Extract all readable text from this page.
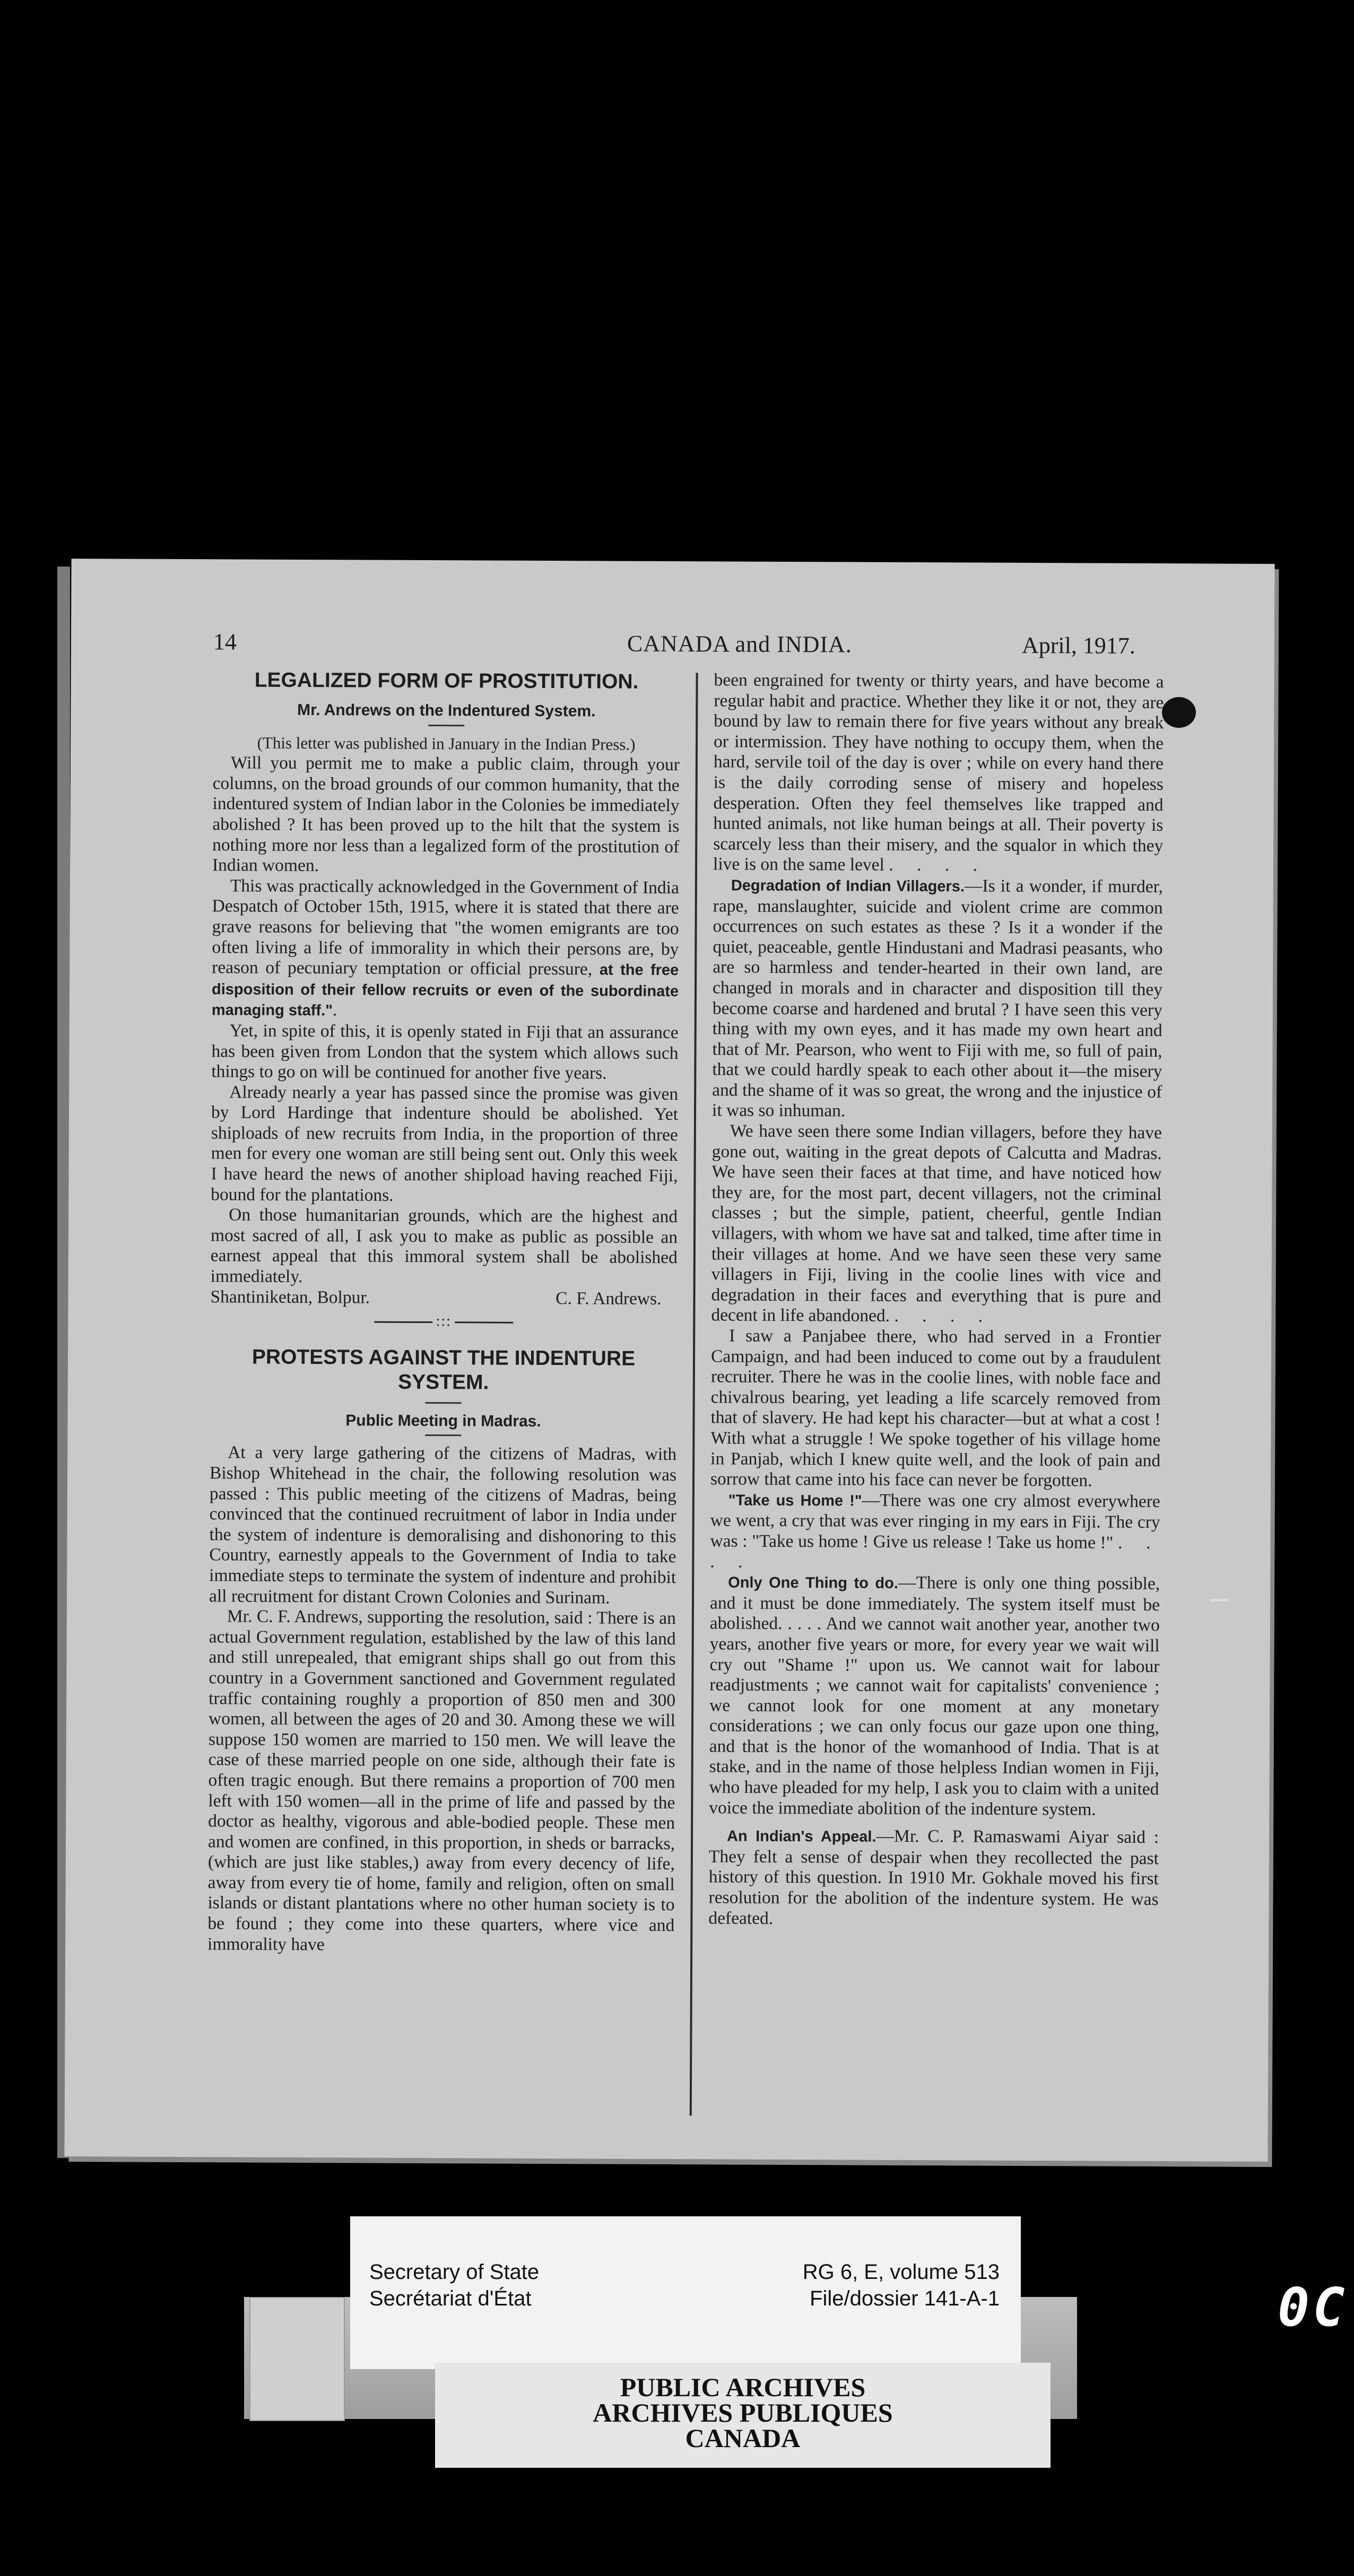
14	CANADA and INDIA.	April, 1917.
LEGALIZED FORM OF PROSTITUTION.
Mr. Andrews on the Indentured System.

(This letter was published in January in the Indian Press.)

Will you permit me to make a public claim, through your columns, on the broad grounds of our common humanity, that the indentured system of Indian labor in the Colonies be immediately abolished ? It has been proved up to the hilt that the system is nothing more nor less than a legalized form of the prostitution of Indian women.

This was practically acknowledged in the Government of India Despatch of October 15th, 1915, where it is stated that there are grave reasons for believing that "the women emigrants are too often living a life of immorality in which their persons are, by reason of pecuniary temptation or official pressure, at the free disposition of their fellow recruits or even of the subordinate managing staff.".

Yet, in spite of this, it is openly stated in Fiji that an assurance has been given from London that the system which allows such things to go on will be continued for another five years.

Already nearly a year has passed since the promise was given by Lord Hardinge that indenture should be abolished. Yet shiploads of new recruits from India, in the proportion of three men for every one woman are still being sent out. Only this week I have heard the news of another shipload having reached Fiji, bound for the plantations.

On those humanitarian grounds, which are the highest and most sacred of all, I ask you to make as public as possible an earnest appeal that this immoral system shall be abolished immediately.

Shantiniketan, Bolpur.	C. F. Andrews.
:::
PROTESTS AGAINST THE INDENTURE SYSTEM.
Public Meeting in Madras.

At a very large gathering of the citizens of Madras, with Bishop Whitehead in the chair, the following resolution was passed : This public meeting of the citizens of Madras, being convinced that the continued recruitment of labor in India under the system of indenture is demoralising and dishonoring to this Country, earnestly appeals to the Government of India to take immediate steps to terminate the system of indenture and prohibit all recruitment for distant Crown Colonies and Surinam.

Mr. C. F. Andrews, supporting the resolution, said : There is an actual Government regulation, established by the law of this land and still unrepealed, that emigrant ships shall go out from this country in a Government sanctioned and Government regulated traffic containing roughly a proportion of 850 men and 300 women, all between the ages of 20 and 30. Among these we will suppose 150 women are married to 150 men. We will leave the case of these married people on one side, although their fate is often tragic enough. But there remains a proportion of 700 men left with 150 women—all in the prime of life and passed by the doctor as healthy, vigorous and able-bodied people. These men and women are confined, in this proportion, in sheds or barracks, (which are just like stables,) away from every decency of life, away from every tie of home, family and religion, often on small islands or distant plantations where no other human society is to be found ; they come into these quarters, where vice and immorality have

been engrained for twenty or thirty years, and have become a regular habit and practice. Whether they like it or not, they are bound by law to remain there for five years without any break or intermission. They have nothing to occupy them, when the hard, servile toil of the day is over ; while on every hand there is the daily corroding sense of misery and hopeless desperation. Often they feel themselves like trapped and hunted animals, not like human beings at all. Their poverty is scarcely less than their misery, and the squalor in which they live is on the same level . . . .

Degradation of Indian Villagers.—Is it a wonder, if murder, rape, manslaughter, suicide and violent crime are common occurrences on such estates as these ? Is it a wonder if the quiet, peaceable, gentle Hindustani and Madrasi peasants, who are so harmless and tender-hearted in their own land, are changed in morals and in character and disposition till they become coarse and hardened and brutal ? I have seen this very thing with my own eyes, and it has made my own heart and that of Mr. Pearson, who went to Fiji with me, so full of pain, that we could hardly speak to each other about it—the misery and the shame of it was so great, the wrong and the injustice of it was so inhuman.

We have seen there some Indian villagers, before they have gone out, waiting in the great depots of Calcutta and Madras. We have seen their faces at that time, and have noticed how they are, for the most part, decent villagers, not the criminal classes ; but the simple, patient, cheerful, gentle Indian villagers, with whom we have sat and talked, time after time in their villages at home. And we have seen these very same villagers in Fiji, living in the coolie lines with vice and degradation in their faces and everything that is pure and decent in life abandoned. . . . .

I saw a Panjabee there, who had served in a Frontier Campaign, and had been induced to come out by a fraudulent recruiter. There he was in the coolie lines, with noble face and chivalrous bearing, yet leading a life scarcely removed from that of slavery. He had kept his character—but at what a cost ! With what a struggle ! We spoke together of his village home in Panjab, which I knew quite well, and the look of pain and sorrow that came into his face can never be forgotten.

"Take us Home !"—There was one cry almost everywhere we went, a cry that was ever ringing in my ears in Fiji. The cry was : "Take us home ! Give us release ! Take us home !" . . . .

Only One Thing to do.—There is only one thing possible, and it must be done immediately. The system itself must be abolished. . . . . And we cannot wait another year, another two years, another five years or more, for every year we wait will cry out "Shame !" upon us. We cannot wait for labour readjustments ; we cannot wait for capitalists' convenience ; we cannot look for one moment at any monetary considerations ; we can only focus our gaze upon one thing, and that is the honor of the womanhood of India. That is at stake, and in the name of those helpless Indian women in Fiji, who have pleaded for my help, I ask you to claim with a united voice the immediate abolition of the indenture system.

An Indian's Appeal.—Mr. C. P. Ramaswami Aiyar said : They felt a sense of despair when they recollected the past history of this question. In 1910 Mr. Gokhale moved his first resolution for the abolition of the indenture system. He was defeated.

Secretary of State
Secrétariat d'État
RG 6, E, volume 513
File/dossier 141-A-1
PUBLIC ARCHIVES
ARCHIVES PUBLIQUES
CANADA
0C
